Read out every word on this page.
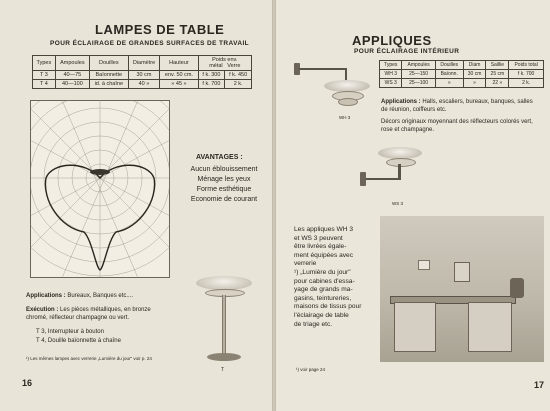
LAMPES DE TABLE
POUR ÉCLAIRAGE DE GRANDES SURFACES DE TRAVAIL
Types	Ampoules	Douilles	Diamètre	Hauteur	Poids env.
métal Verre	
T 3	40—75	Baïonnette	30 cm	env. 50 cm.	f k. 300	f k. 450
T 4	40—100	id. à chaîne	40 »	» 45 »	f k. 700	2 k.
AVANTAGES :
Aucun éblouissement
Ménage les yeux
Forme esthétique
Economie de courant
T
Applications : Bureaux, Banques etc....
Exécution : Les pièces métalliques, en bronze chromé, réflecteur champagne ou vert.
T 3, Interrupteur à bouton
T 4, Douille baïonnette à chaîne
¹) Les mêmes lampes avec verrerie „Lumière du jour" voir p. 24
16
APPLIQUES
POUR ÉCLAIRAGE INTÉRIEUR
Types	Ampoules	Douilles	Diam	Saillie	Poids total
WH 3	25—150	Baïonn.	30 cm	25 cm	f k. 700
WS 3	25—100	»	»	22 »	2 k.
WH 3
Applications : Halls, escaliers, bureaux, banques, salles de réunion, coiffeurs etc.
Décors originaux moyennant des réflecteurs colorés vert, rose et champagne.
WS 3
Les appliques WH 3
et WS 3 peuvent
être livrées égale-
ment équipées avec
verrerie
¹) „Lumière du jour"
pour cabines d'essa-
yage de grands ma-
gasins, teintureries,
maisons de tissus pour
l'éclairage de table
de triage etc.
¹) voir page 24
17
